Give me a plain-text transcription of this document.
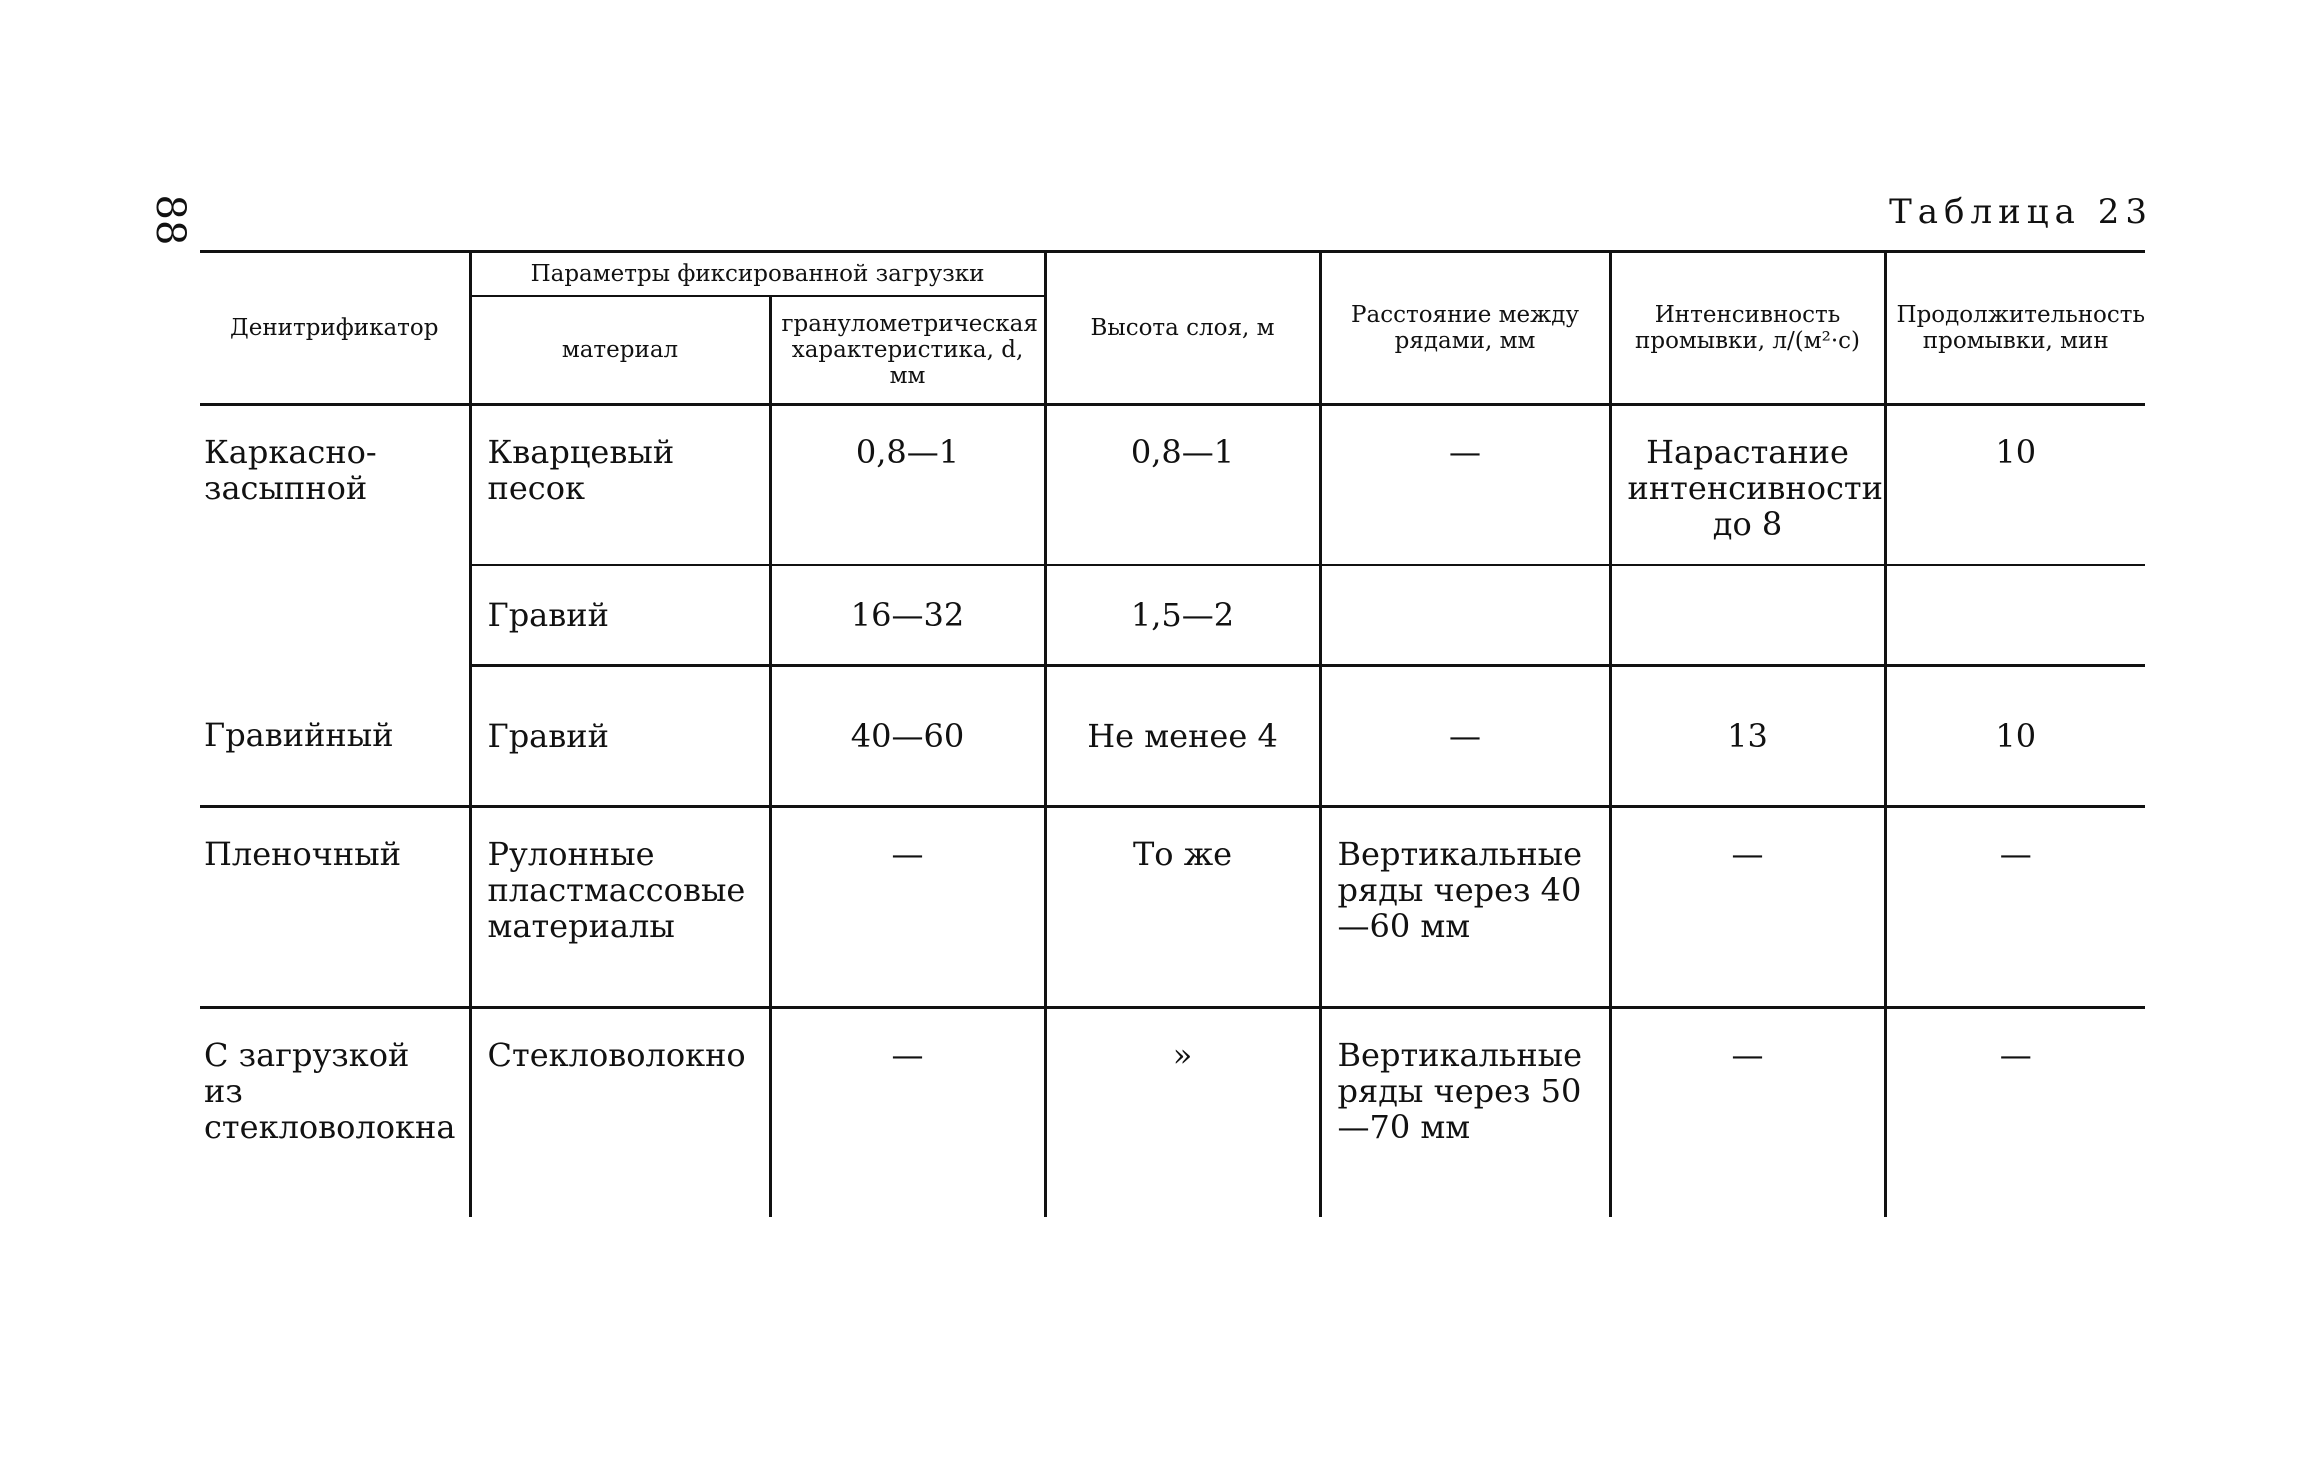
88	Таблица 23
Денитрификатор	Параметры фиксированной загрузки		Высота слоя, м	Расстояние между рядами, мм	Интенсивность промывки, л/(м²·с)	Продолжительность промывки, мин
	материал	гранулометрическая характеристика, d, мм				
Каркасно-засыпной	Кварцевый песок	0,8—1	0,8—1	—	Нарастание интенсивности до 8	10
	Гравий	16—32	1,5—2			
Гравийный	Гравий	40—60	Не менее 4	—	13	10
Пленочный	Рулонные пластмассовые материалы	—	То же	Вертикальные ряды через 40—60 мм	—	—
С загрузкой из стекловолокна	Стекловолокно	—	»	Вертикальные ряды через 50—70 мм	—	—
